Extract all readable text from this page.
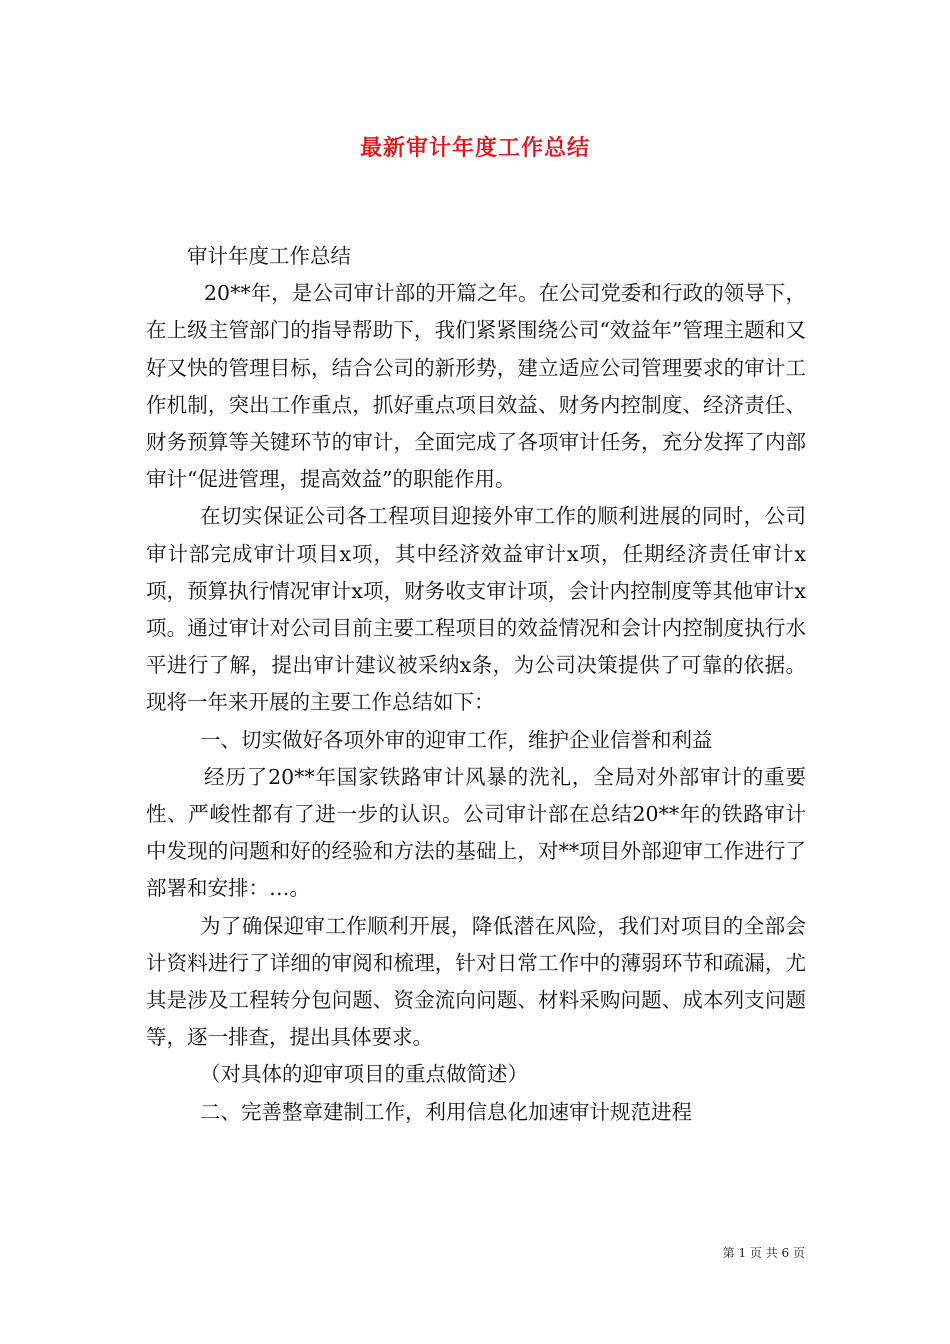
最新审计年度工作总结

审计年度工作总结

20**年，是公司审计部的开篇之年。在公司党委和行政的领导下，在上级主管部门的指导帮助下，我们紧紧围绕公司“效益年”管理主题和又好又快的管理目标，结合公司的新形势，建立适应公司管理要求的审计工作机制，突出工作重点，抓好重点项目效益、财务内控制度、经济责任、财务预算等关键环节的审计，全面完成了各项审计任务，充分发挥了内部审计“促进管理，提高效益”的职能作用。

在切实保证公司各工程项目迎接外审工作的顺利进展的同时，公司审计部完成审计项目x项，其中经济效益审计x项，任期经济责任审计x项，预算执行情况审计x项，财务收支审计项，会计内控制度等其他审计x项。通过审计对公司目前主要工程项目的效益情况和会计内控制度执行水平进行了解，提出审计建议被采纳x条，为公司决策提供了可靠的依据。现将一年来开展的主要工作总结如下：

一、切实做好各项外审的迎审工作，维护企业信誉和利益

经历了20**年国家铁路审计风暴的洗礼，全局对外部审计的重要性、严峻性都有了进一步的认识。公司审计部在总结20**年的铁路审计中发现的问题和好的经验和方法的基础上，对**项目外部迎审工作进行了部署和安排：…。

为了确保迎审工作顺利开展，降低潜在风险，我们对项目的全部会计资料进行了详细的审阅和梳理，针对日常工作中的薄弱环节和疏漏，尤其是涉及工程转分包问题、资金流向问题、材料采购问题、成本列支问题等，逐一排查，提出具体要求。

（对具体的迎审项目的重点做简述）

二、完善整章建制工作，利用信息化加速审计规范进程

第 1 页 共 6 页
